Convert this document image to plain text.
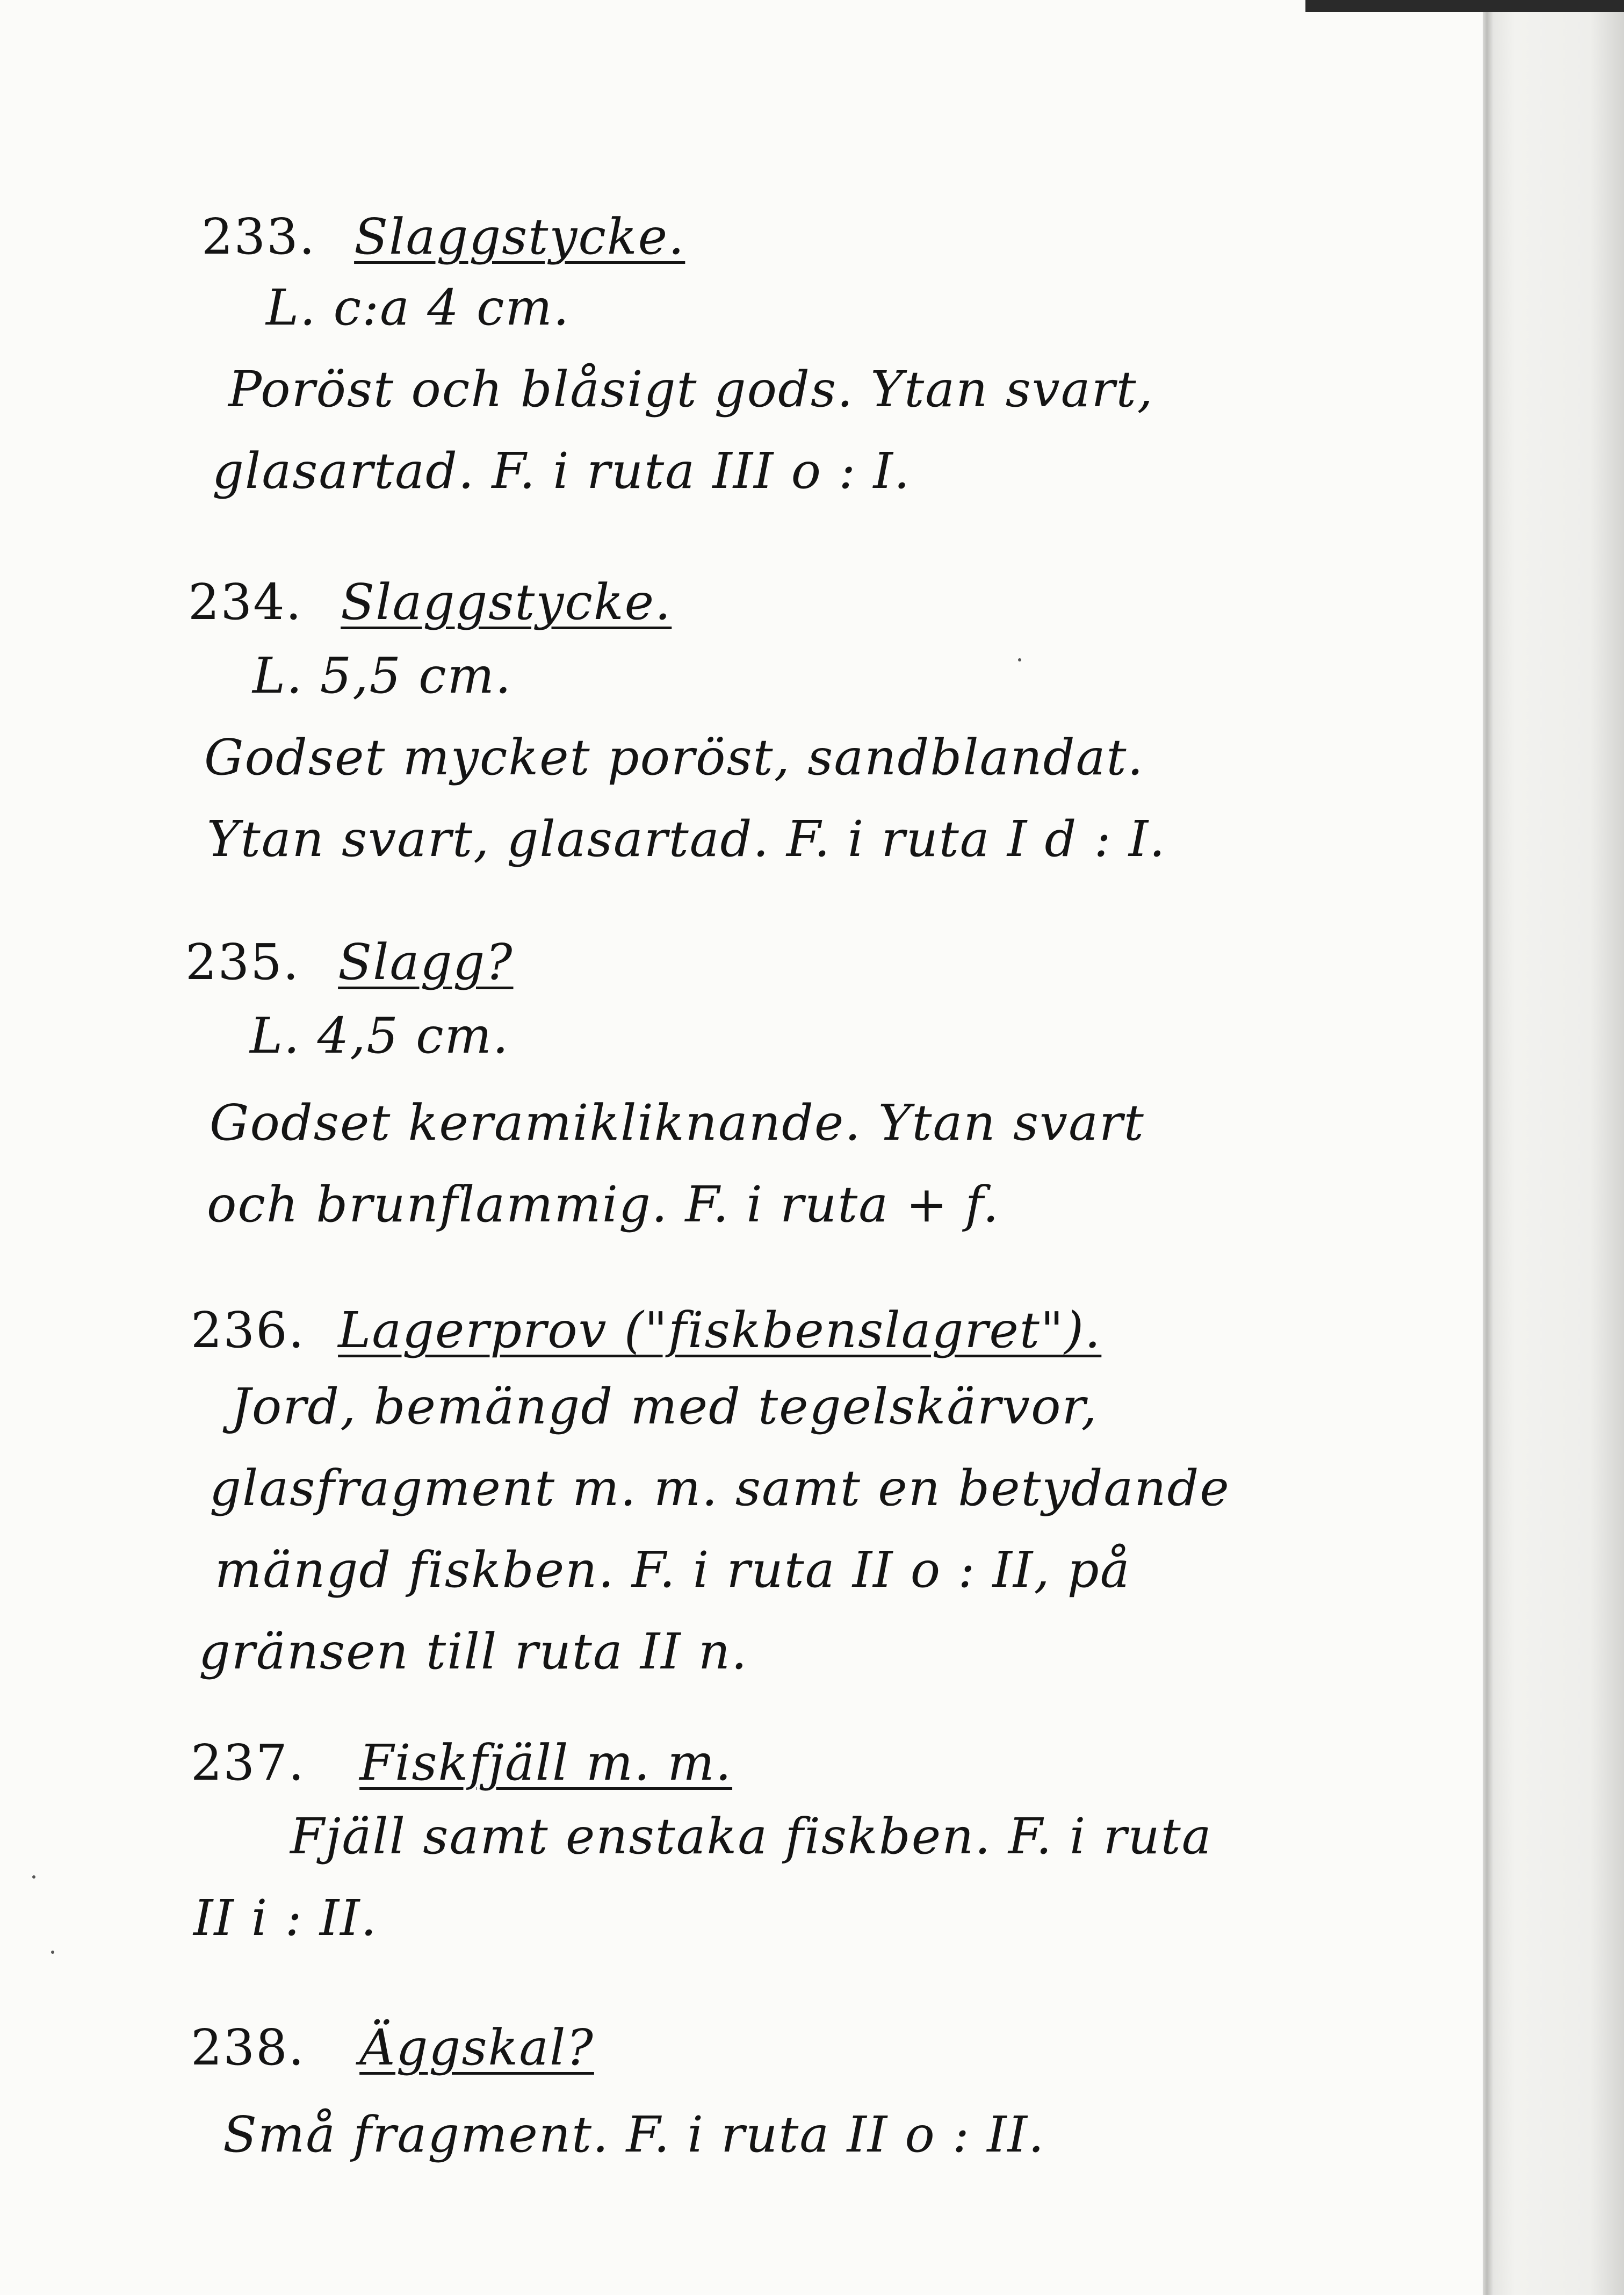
233. Slaggstycke.
L. c:a 4 cm.
Poröst och blåsigt gods. Ytan svart,
glasartad. F. i ruta III o : I.
234. Slaggstycke.
L. 5,5 cm.
Godset mycket poröst, sandblandat.
Ytan svart, glasartad. F. i ruta I d : I.
235. Slagg?
L. 4,5 cm.
Godset keramikliknande. Ytan svart
och brunflammig. F. i ruta + f.
236. Lagerprov ("fiskbenslagret").
Jord, bemängd med tegelskärvor,
glasfragment m. m. samt en betydande
mängd fiskben. F. i ruta II o : II, på
gränsen till ruta II n.
237. Fiskfjäll m. m.
Fjäll samt enstaka fiskben. F. i ruta
II i : II.
238. Äggskal?
Små fragment. F. i ruta II o : II.
